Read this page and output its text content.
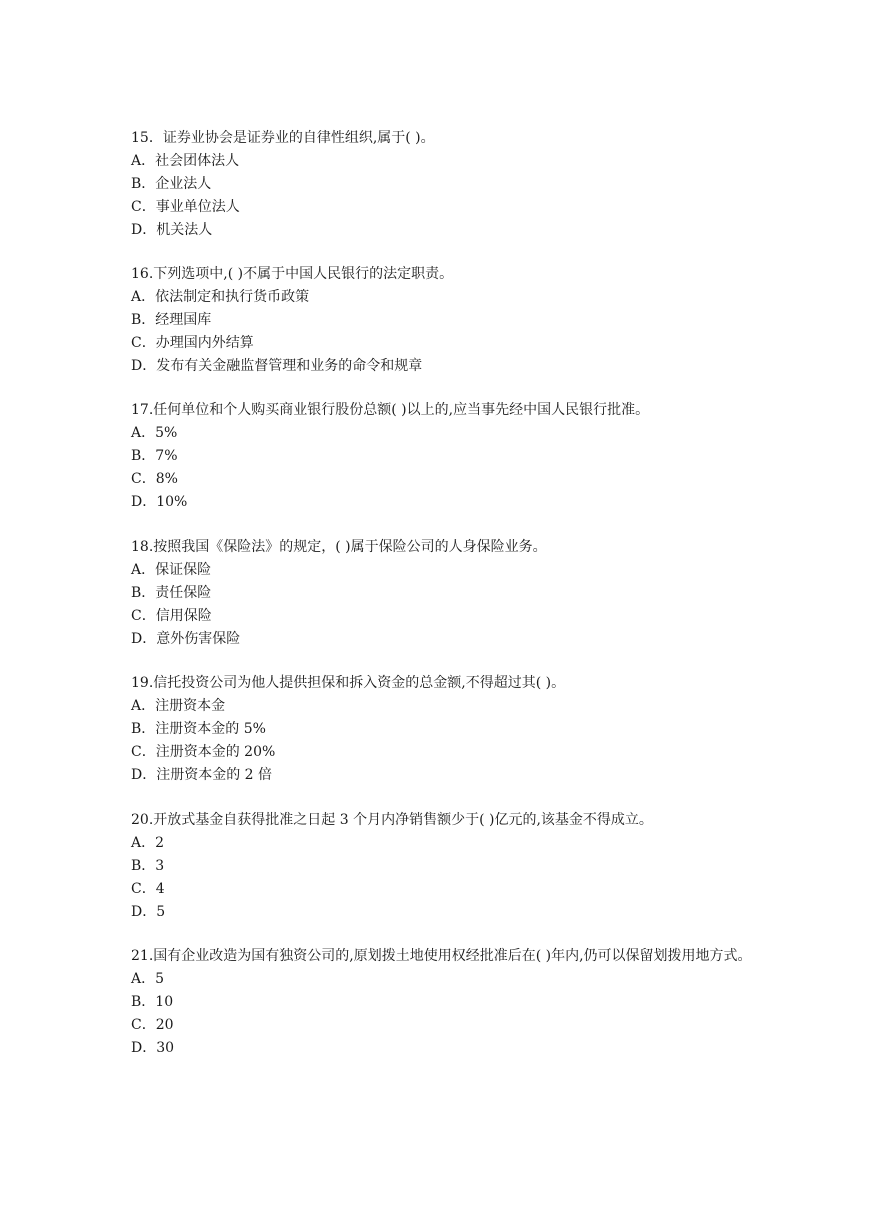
15．证券业协会是证券业的自律性组织,属于( )。

A．社会团体法人

B．企业法人

C．事业单位法人

D．机关法人

16.下列选项中,( )不属于中国人民银行的法定职责。

A．依法制定和执行货币政策

B．经理国库

C．办理国内外结算

D．发布有关金融监督管理和业务的命令和规章

17.任何单位和个人购买商业银行股份总额( )以上的,应当事先经中国人民银行批准。

A．5%

B．7%

C．8%

D．10%

18.按照我国《保险法》的规定，( )属于保险公司的人身保险业务。

A．保证保险

B．责任保险

C．信用保险

D．意外伤害保险

19.信托投资公司为他人提供担保和拆入资金的总金额,不得超过其( )。

A．注册资本金

B．注册资本金的 5%

C．注册资本金的 20%

D．注册资本金的 2 倍

20.开放式基金自获得批准之日起 3 个月内净销售额少于( )亿元的,该基金不得成立。

A．2

B．3

C．4

D．5

21.国有企业改造为国有独资公司的,原划拨土地使用权经批准后在( )年内,仍可以保留划拨用地方式。

A．5

B．10

C．20

D．30
